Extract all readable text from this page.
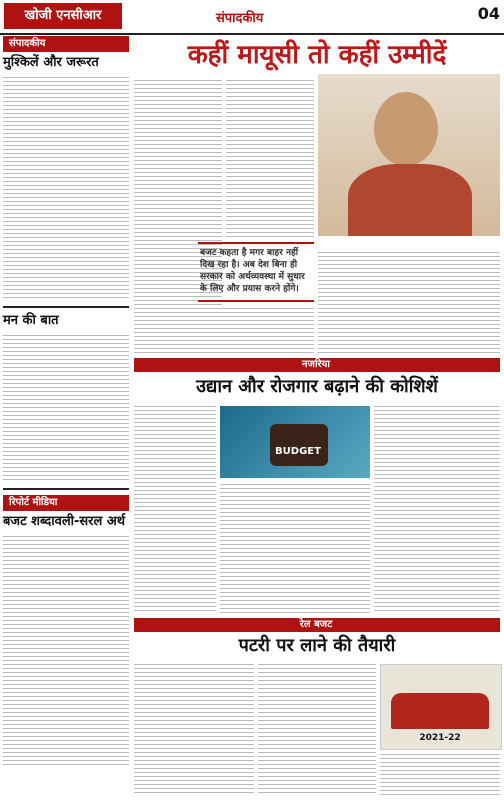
खोजी एनसीआर	संपादकीय	04
संपादकीय
मुश्किलें और जरूरत
मन की बात
रिपोर्ट मीडिया
बजट शब्दावली-सरल अर्थ
कहीं मायूसी तो कहीं उम्मीदें
बजट कहता है मगर बाहर नहीं दिख रहा है। अब देश बिना ही सरकार को अर्थव्यवस्था में सुधार के लिए और प्रयास करने होंगे।
नजरिया
उद्यान और रोजगार बढ़ाने की कोशिशें
BUDGET
रेल बजट
पटरी पर लाने की तैयारी
2021-22
